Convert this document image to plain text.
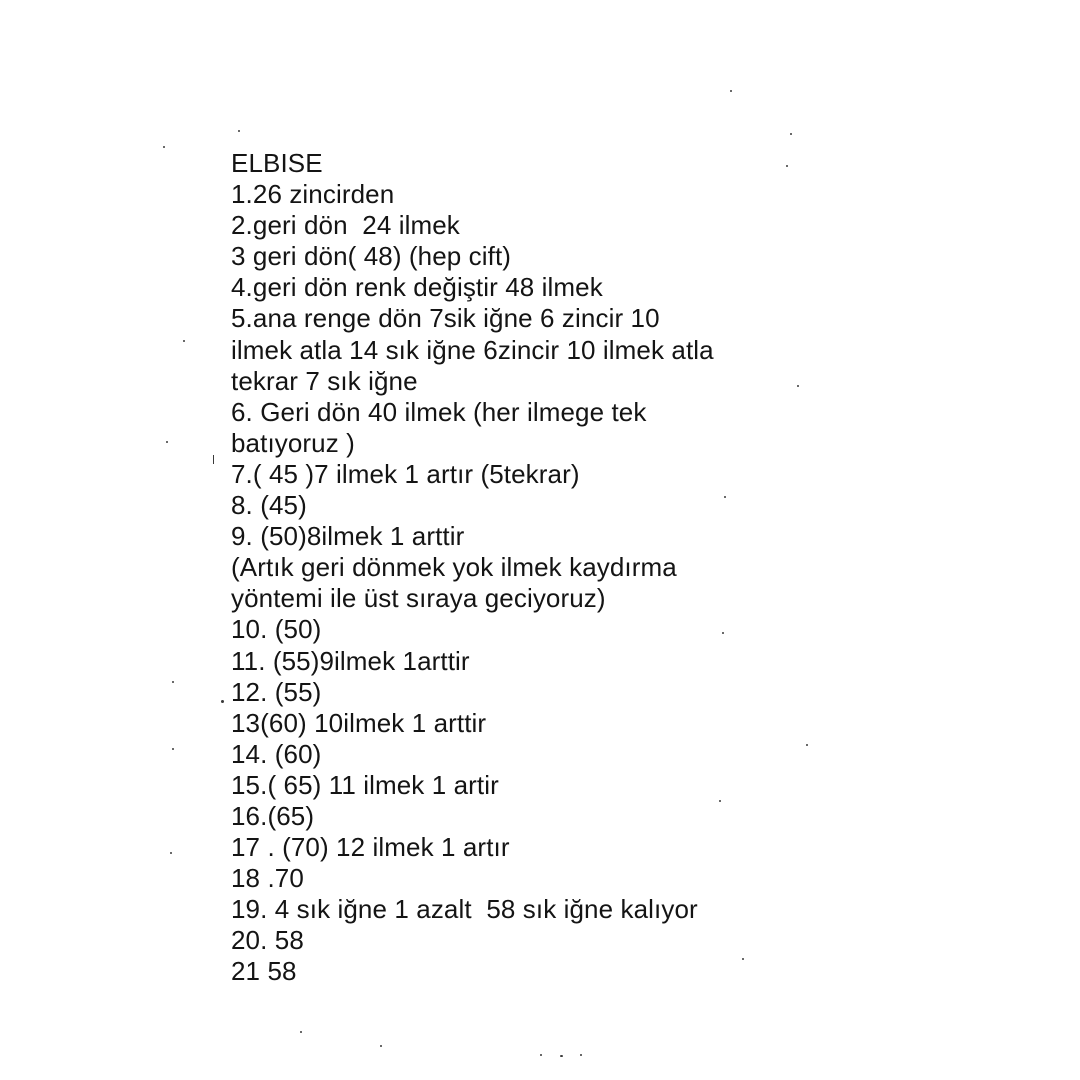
ELBISE
1.26 zincirden
2.geri dön  24 ilmek
3 geri dön( 48) (hep cift)
4.geri dön renk değiştir 48 ilmek
5.ana renge dön 7sik iğne 6 zincir 10
ilmek atla 14 sık iğne 6zincir 10 ilmek atla
tekrar 7 sık iğne
6. Geri dön 40 ilmek (her ilmege tek
batıyoruz )
7.( 45 )7 ilmek 1 artır (5tekrar)
8. (45)
9. (50)8ilmek 1 arttir
(Artık geri dönmek yok ilmek kaydırma
yöntemi ile üst sıraya geciyoruz)
10. (50)
11. (55)9ilmek 1arttir
12. (55)
13(60) 10ilmek 1 arttir
14. (60)
15.( 65) 11 ilmek 1 artir
16.(65)
17 . (70) 12 ilmek 1 artır
18 .70
19. 4 sık iğne 1 azalt  58 sık iğne kalıyor
20. 58
21 58
